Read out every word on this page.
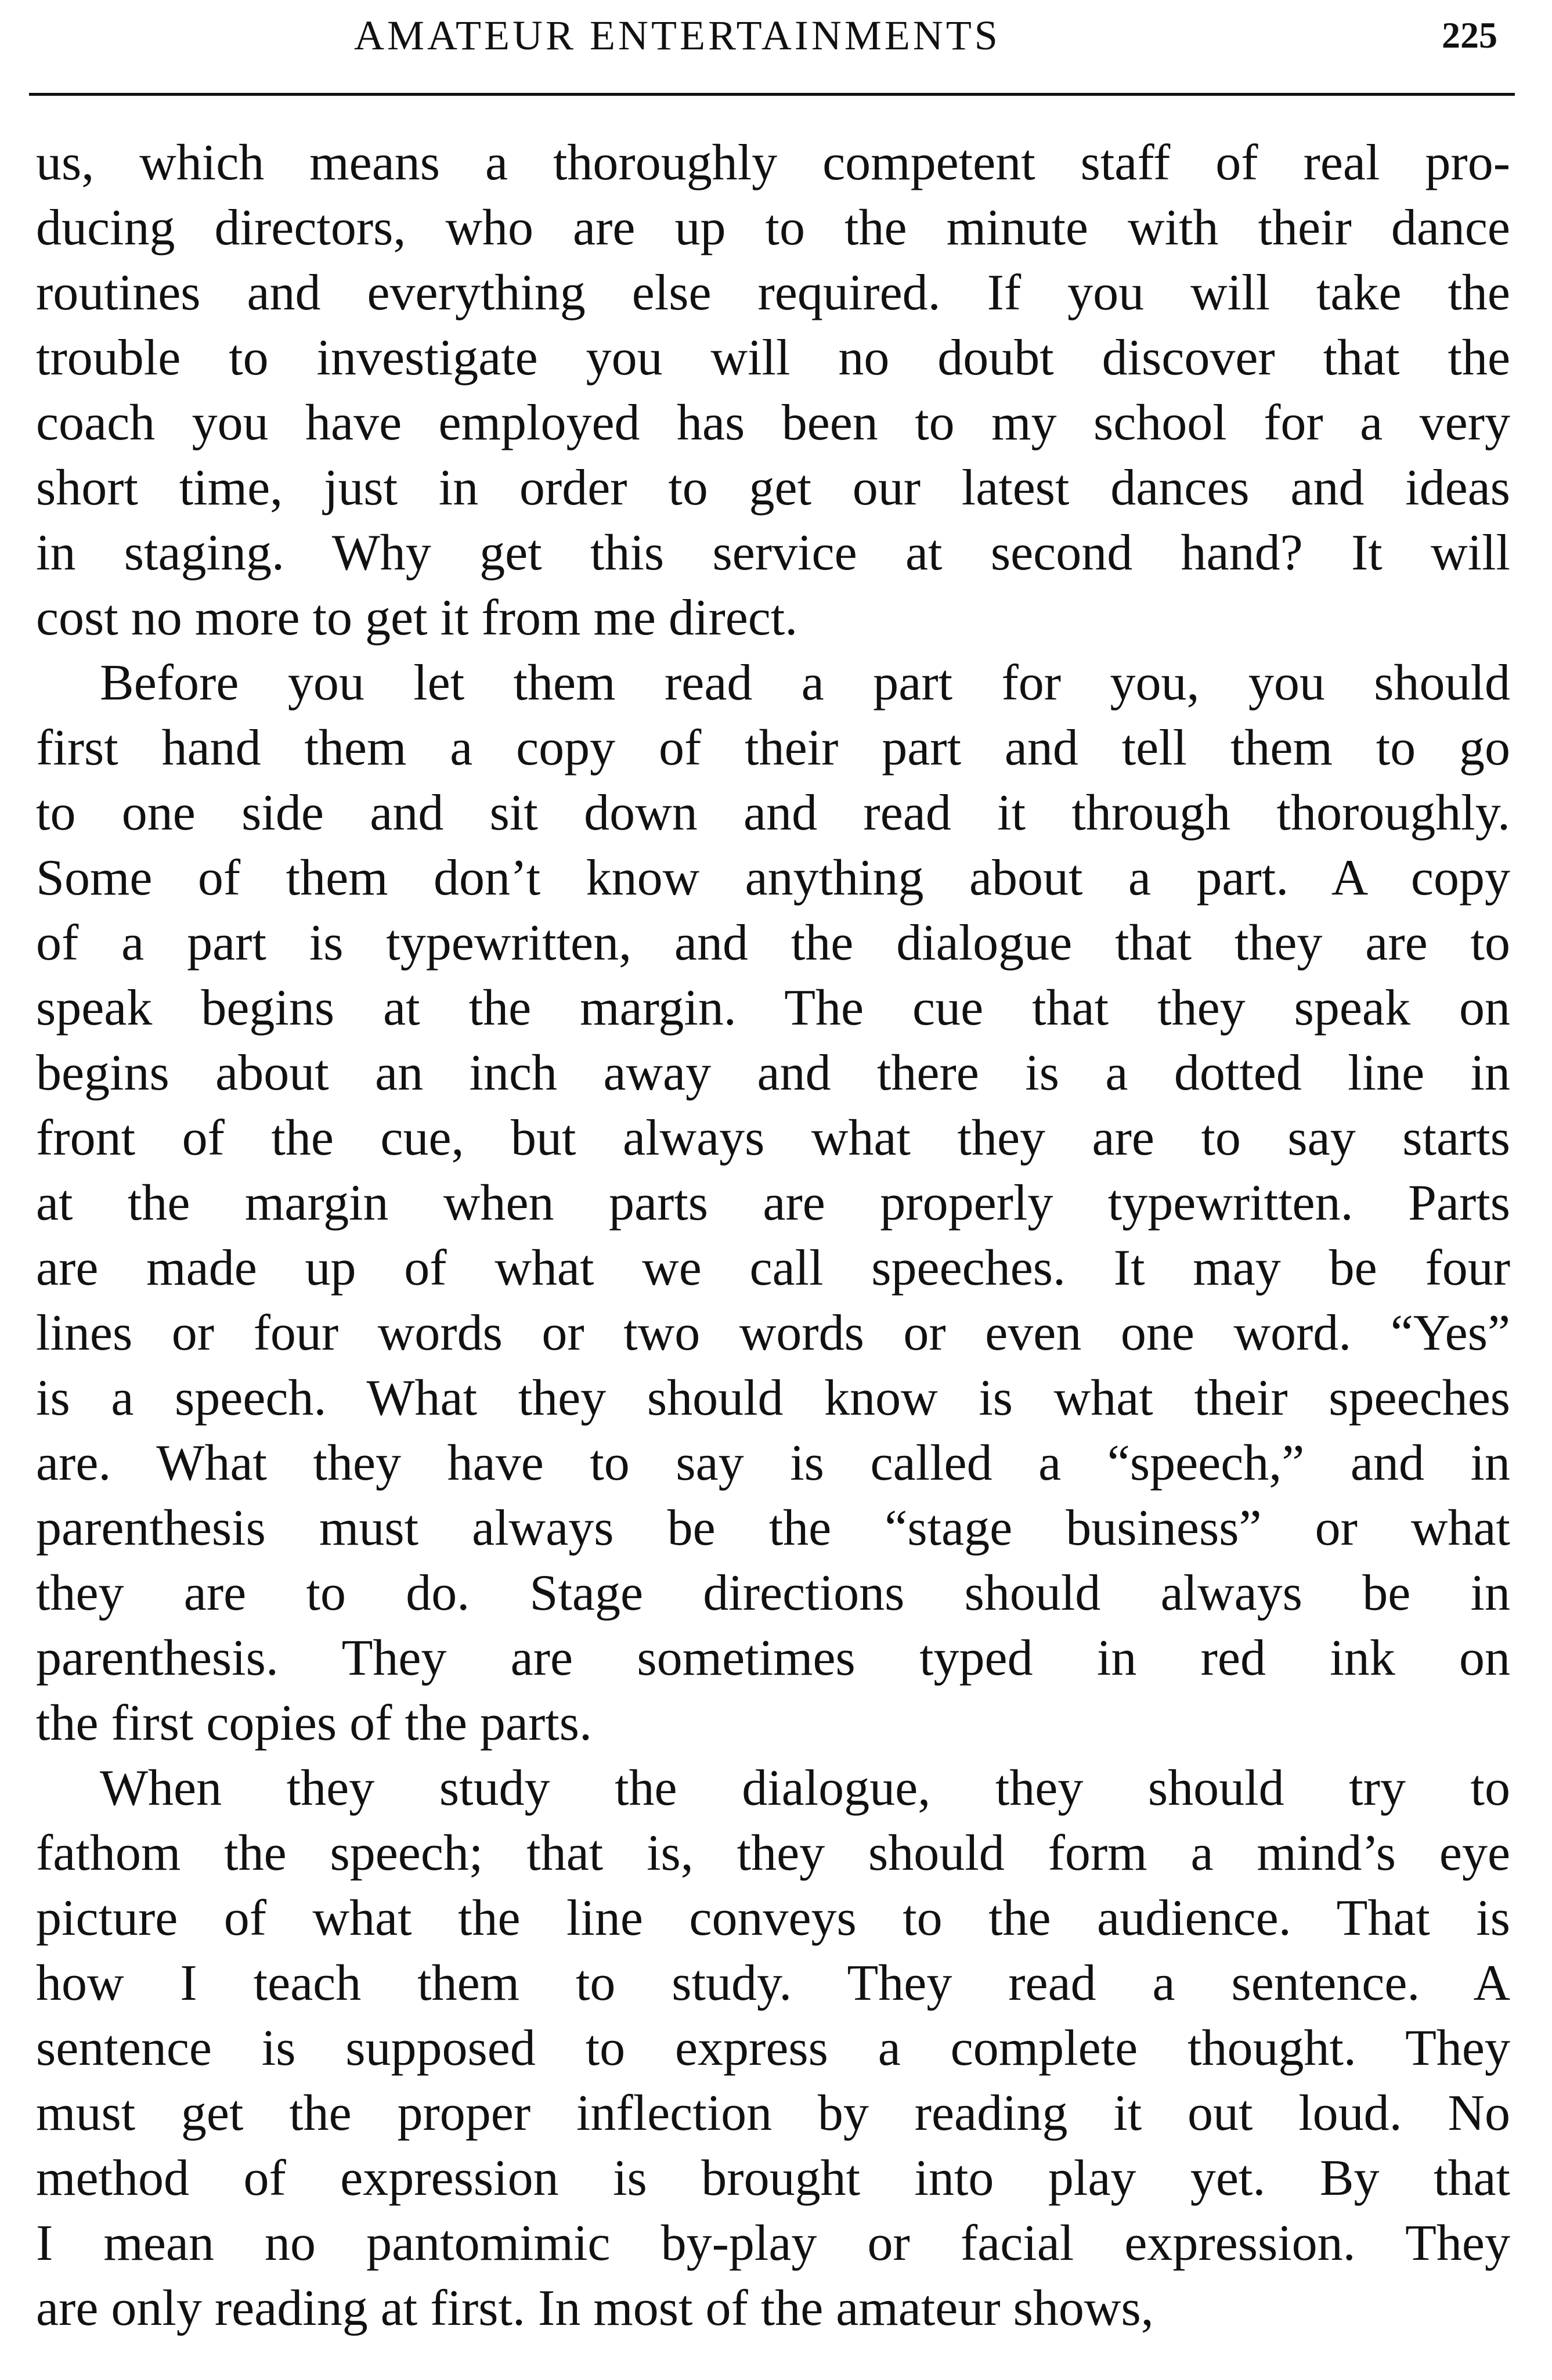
AMATEUR ENTERTAINMENTS	225
us, which means a thoroughly competent staff of real pro-
ducing directors, who are up to the minute with their dance
routines and everything else required. If you will take the
trouble to investigate you will no doubt discover that the
coach you have employed has been to my school for a very
short time, just in order to get our latest dances and ideas
in staging. Why get this service at second hand? It will
cost no more to get it from me direct.
Before you let them read a part for you, you should
first hand them a copy of their part and tell them to go
to one side and sit down and read it through thoroughly.
Some of them don’t know anything about a part. A copy
of a part is typewritten, and the dialogue that they are to
speak begins at the margin. The cue that they speak on
begins about an inch away and there is a dotted line in
front of the cue, but always what they are to say starts
at the margin when parts are properly typewritten. Parts
are made up of what we call speeches. It may be four
lines or four words or two words or even one word. “Yes”
is a speech. What they should know is what their speeches
are. What they have to say is called a “speech,” and in
parenthesis must always be the “stage business” or what
they are to do. Stage directions should always be in
parenthesis. They are sometimes typed in red ink on
the first copies of the parts.
When they study the dialogue, they should try to
fathom the speech; that is, they should form a mind’s eye
picture of what the line conveys to the audience. That is
how I teach them to study. They read a sentence. A
sentence is supposed to express a complete thought. They
must get the proper inflection by reading it out loud. No
method of expression is brought into play yet. By that
I mean no pantomimic by-play or facial expression. They
are only reading at first. In most of the amateur shows,
